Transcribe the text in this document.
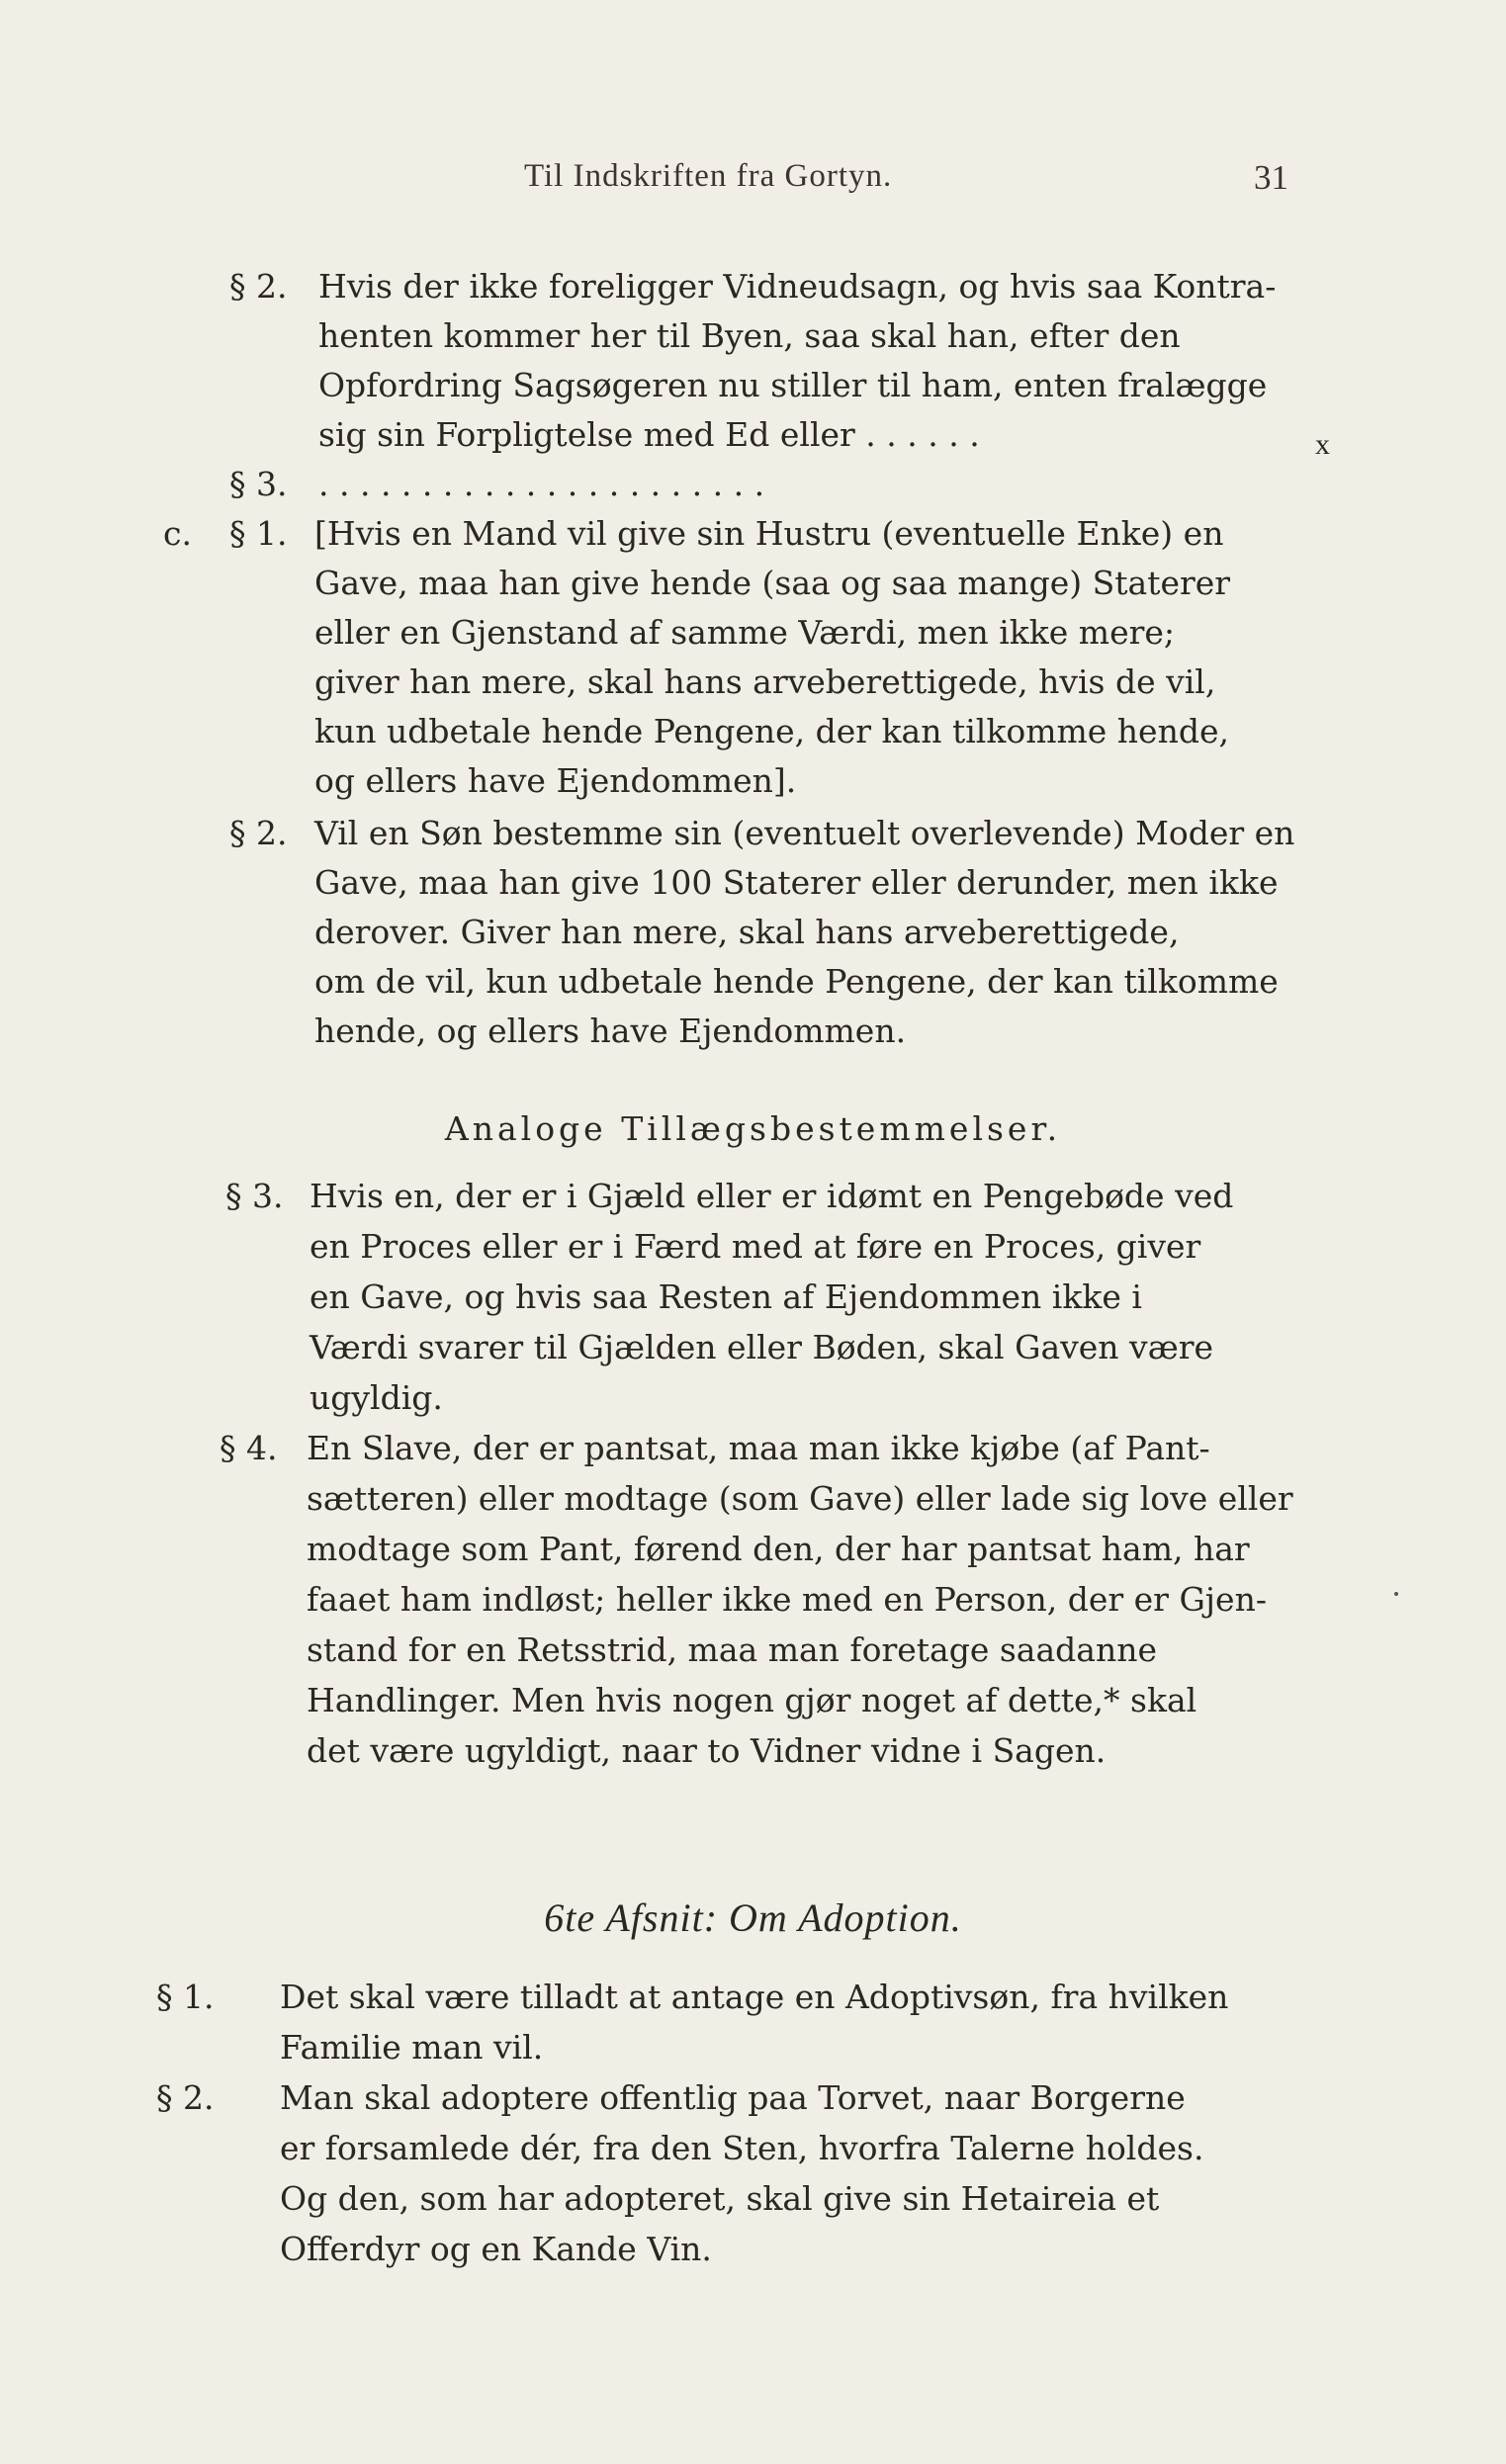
Til Indskriften fra Gortyn.	31
§ 2. Hvis der ikke foreligger Vidneudsagn, og hvis saa Kontra-
henten kommer her til Byen, saa skal han, efter den
Opfordring Sagsøgeren nu stiller til ham, enten fralægge
sig sin Forpligtelse med Ed eller . . . . . .	x
§ 3. . . . . . . . . . . . . . . . . . . . . . .
c. § 1. [Hvis en Mand vil give sin Hustru (eventuelle Enke) en
Gave, maa han give hende (saa og saa mange) Staterer
eller en Gjenstand af samme Værdi, men ikke mere;
giver han mere, skal hans arveberettigede, hvis de vil,
kun udbetale hende Pengene, der kan tilkomme hende,
og ellers have Ejendommen].
§ 2. Vil en Søn bestemme sin (eventuelt overlevende) Moder en
Gave, maa han give 100 Staterer eller derunder, men ikke
derover. Giver han mere, skal hans arveberettigede,
om de vil, kun udbetale hende Pengene, der kan tilkomme
hende, og ellers have Ejendommen.
Analoge Tillægsbestemmelser.
§ 3. Hvis en, der er i Gjæld eller er idømt en Pengebøde ved
en Proces eller er i Færd med at føre en Proces, giver
en Gave, og hvis saa Resten af Ejendommen ikke i
Værdi svarer til Gjælden eller Bøden, skal Gaven være
ugyldig.
§ 4. En Slave, der er pantsat, maa man ikke kjøbe (af Pant-
sætteren) eller modtage (som Gave) eller lade sig love eller
modtage som Pant, førend den, der har pantsat ham, har
faaet ham indløst; heller ikke med en Person, der er Gjen-
stand for en Retsstrid, maa man foretage saadanne
Handlinger. Men hvis nogen gjør noget af dette,* skal
det være ugyldigt, naar to Vidner vidne i Sagen.
6te Afsnit: Om Adoption.
§ 1. Det skal være tilladt at antage en Adoptivsøn, fra hvilken
Familie man vil.
§ 2. Man skal adoptere offentlig paa Torvet, naar Borgerne
er forsamlede dér, fra den Sten, hvorfra Talerne holdes.
Og den, som har adopteret, skal give sin Hetaireia et
Offerdyr og en Kande Vin.
